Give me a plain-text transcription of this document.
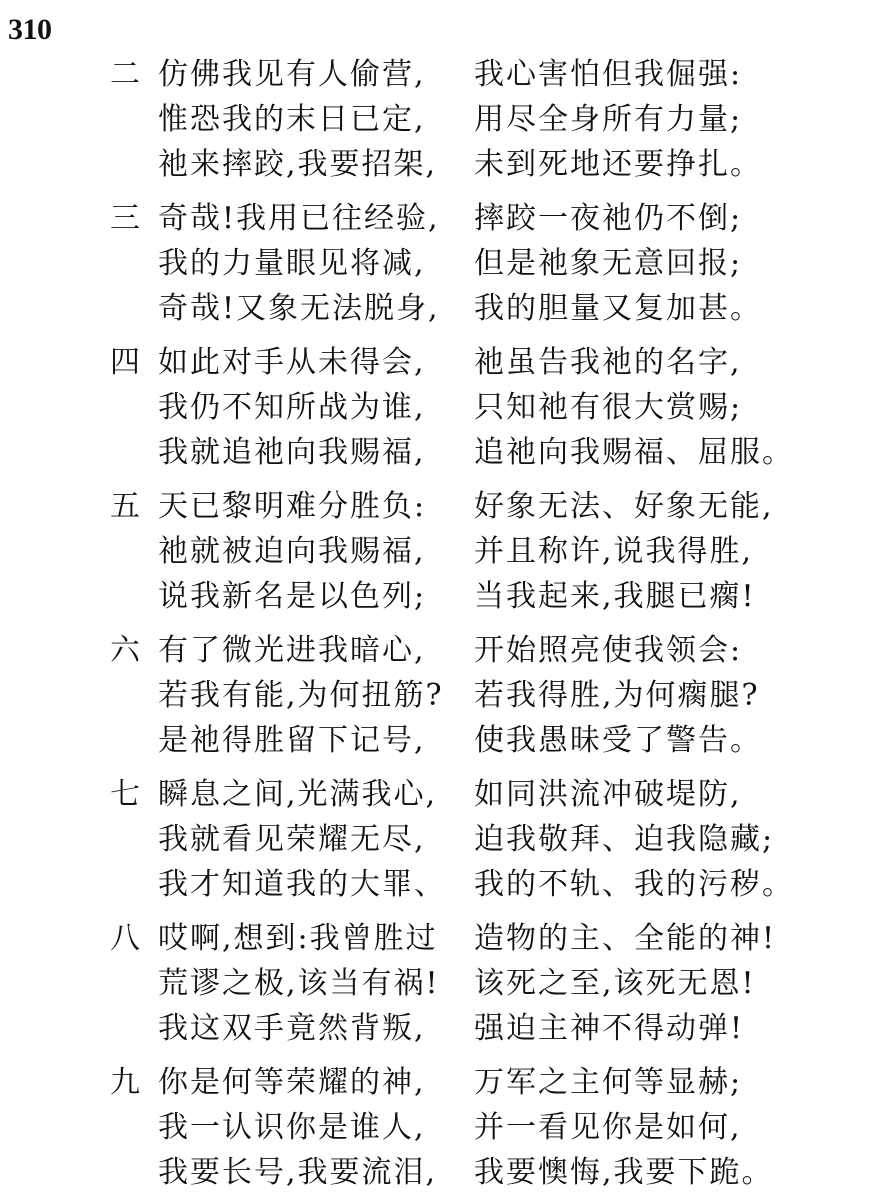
310
二 仿佛我见有人偷营, 我心害怕但我倔强:
惟恐我的末日已定, 用尽全身所有力量;
祂来摔跤,我要招架, 未到死地还要挣扎。
三 奇哉!我用已往经验, 摔跤一夜祂仍不倒;
我的力量眼见将减, 但是祂象无意回报;
奇哉!又象无法脱身, 我的胆量又复加甚。
四 如此对手从未得会, 祂虽告我祂的名字,
我仍不知所战为谁, 只知祂有很大赏赐;
我就追祂向我赐福, 追祂向我赐福、屈服。
五 天已黎明难分胜负: 好象无法、好象无能,
祂就被迫向我赐福, 并且称许,说我得胜,
说我新名是以色列; 当我起来,我腿已瘸!
六 有了微光进我暗心, 开始照亮使我领会:
若我有能,为何扭筋? 若我得胜,为何瘸腿?
是祂得胜留下记号, 使我愚昧受了警告。
七 瞬息之间,光满我心, 如同洪流冲破堤防,
我就看见荣耀无尽, 迫我敬拜、迫我隐藏;
我才知道我的大罪、 我的不轨、我的污秽。
八 哎啊,想到:我曾胜过 造物的主、全能的神!
荒谬之极,该当有祸! 该死之至,该死无恩!
我这双手竟然背叛, 强迫主神不得动弹!
九 你是何等荣耀的神, 万军之主何等显赫;
我一认识你是谁人, 并一看见你是如何,
我要长号,我要流泪, 我要懊悔,我要下跪。
